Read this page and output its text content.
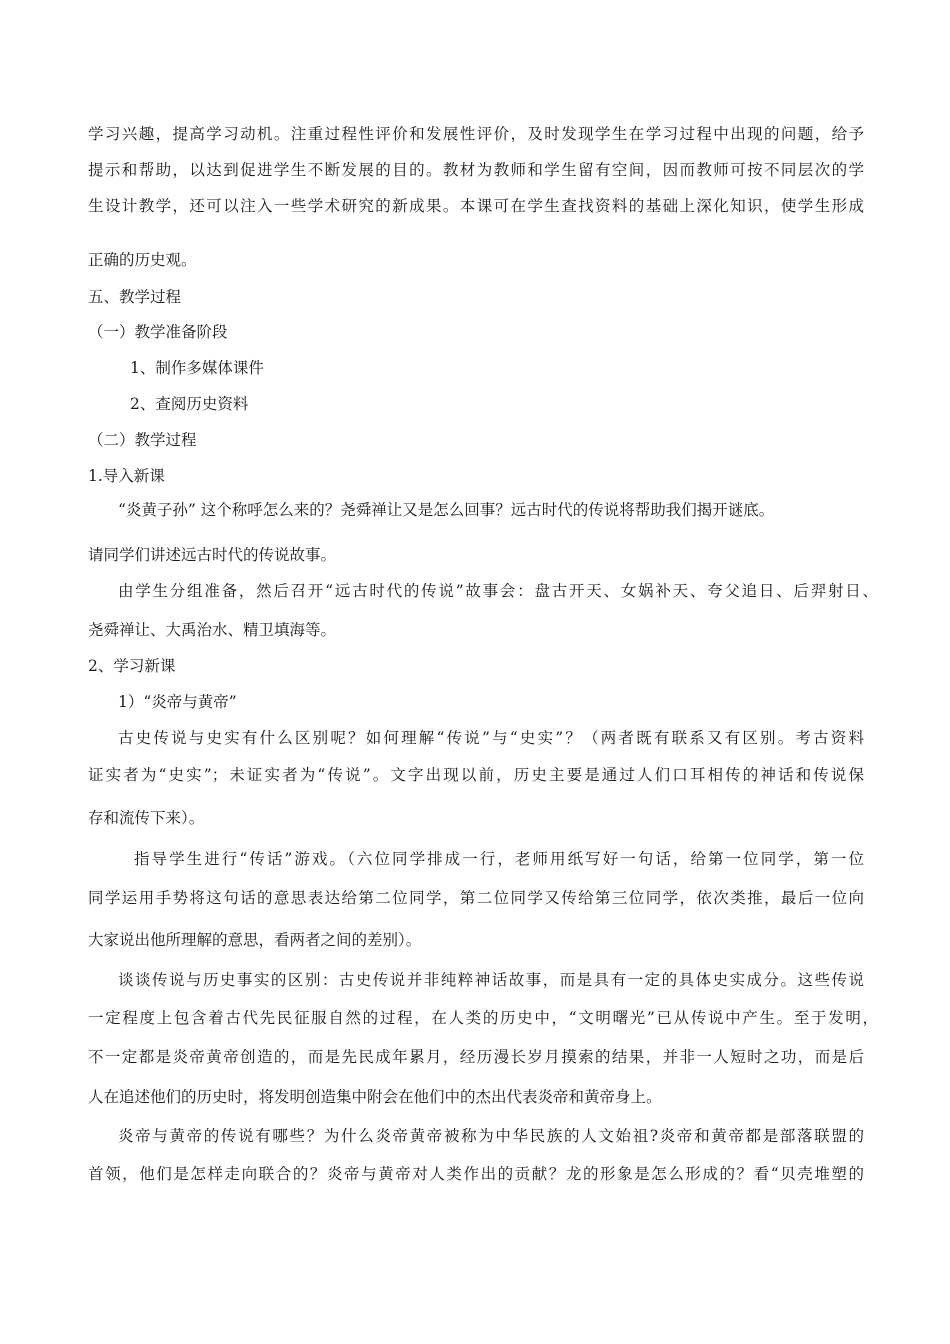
学习兴趣，提高学习动机。注重过程性评价和发展性评价，及时发现学生在学习过程中出现的问题，给予
提示和帮助，以达到促进学生不断发展的目的。教材为教师和学生留有空间，因而教师可按不同层次的学
生设计教学，还可以注入一些学术研究的新成果。本课可在学生查找资料的基础上深化知识，使学生形成
正确的历史观。
五、教学过程
（一）教学准备阶段
1、制作多媒体课件
2、查阅历史资料
（二）教学过程
1.导入新课
“炎黄子孙” 这个称呼怎么来的？尧舜禅让又是怎么回事？远古时代的传说将帮助我们揭开谜底。
请同学们讲述远古时代的传说故事。
由学生分组准备，然后召开“远古时代的传说”故事会：盘古开天、女娲补天、夸父追日、后羿射日、
尧舜禅让、大禹治水、精卫填海等。
2、学习新课
1）“炎帝与黄帝”
古史传说与史实有什么区别呢？如何理解“传说”与“史实”？（两者既有联系又有区别。考古资料
证实者为“史实”；未证实者为“传说”。文字出现以前，历史主要是通过人们口耳相传的神话和传说保
存和流传下来）。
指导学生进行“传话”游戏。（六位同学排成一行，老师用纸写好一句话，给第一位同学，第一位
同学运用手势将这句话的意思表达给第二位同学，第二位同学又传给第三位同学，依次类推，最后一位向
大家说出他所理解的意思，看两者之间的差别）。
谈谈传说与历史事实的区别：古史传说并非纯粹神话故事，而是具有一定的具体史实成分。这些传说
一定程度上包含着古代先民征服自然的过程，在人类的历史中，“文明曙光”已从传说中产生。至于发明，
不一定都是炎帝黄帝创造的，而是先民成年累月，经历漫长岁月摸索的结果，并非一人短时之功，而是后
人在追述他们的历史时，将发明创造集中附会在他们中的杰出代表炎帝和黄帝身上。
炎帝与黄帝的传说有哪些？为什么炎帝黄帝被称为中华民族的人文始祖?炎帝和黄帝都是部落联盟的
首领，他们是怎样走向联合的？炎帝与黄帝对人类作出的贡献？龙的形象是怎么形成的？看“贝壳堆塑的
